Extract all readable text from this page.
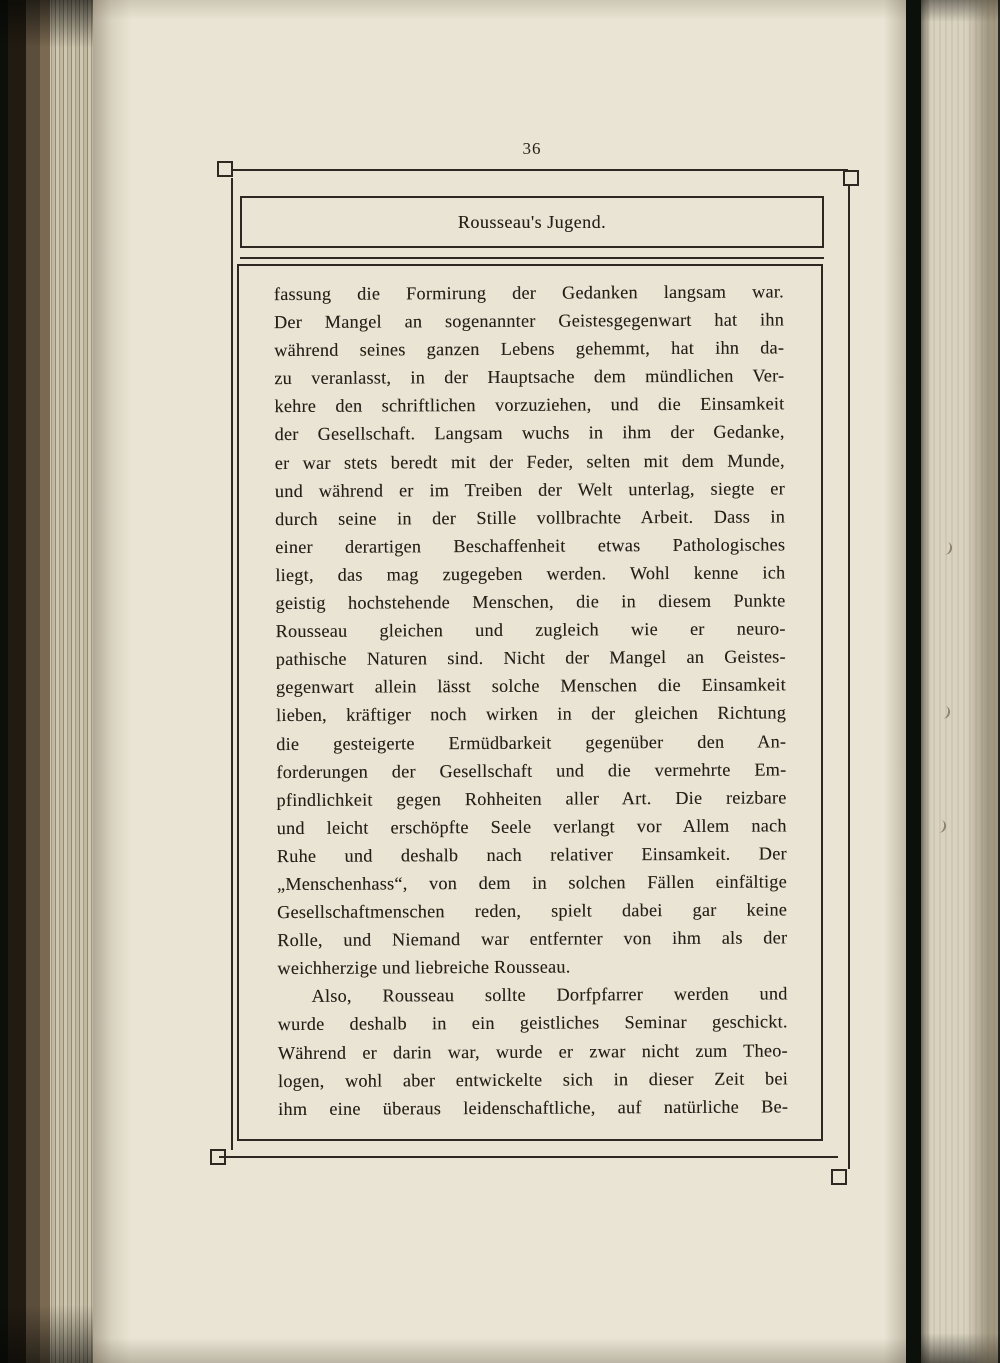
36
Rousseau's Jugend.
fassung die Formirung der Gedanken langsam war.
Der Mangel an sogenannter Geistesgegenwart hat ihn
während seines ganzen Lebens gehemmt, hat ihn da-
zu veranlasst, in der Hauptsache dem mündlichen Ver-
kehre den schriftlichen vorzuziehen, und die Einsamkeit
der Gesellschaft. Langsam wuchs in ihm der Gedanke,
er war stets beredt mit der Feder, selten mit dem Munde,
und während er im Treiben der Welt unterlag, siegte er
durch seine in der Stille vollbrachte Arbeit. Dass in
einer derartigen Beschaffenheit etwas Pathologisches
liegt, das mag zugegeben werden. Wohl kenne ich
geistig hochstehende Menschen, die in diesem Punkte
Rousseau gleichen und zugleich wie er neuro-
pathische Naturen sind. Nicht der Mangel an Geistes-
gegenwart allein lässt solche Menschen die Einsamkeit
lieben, kräftiger noch wirken in der gleichen Richtung
die gesteigerte Ermüdbarkeit gegenüber den An-
forderungen der Gesellschaft und die vermehrte Em-
pfindlichkeit gegen Rohheiten aller Art. Die reizbare
und leicht erschöpfte Seele verlangt vor Allem nach
Ruhe und deshalb nach relativer Einsamkeit. Der
„Menschenhass“, von dem in solchen Fällen einfältige
Gesellschaftmenschen reden, spielt dabei gar keine
Rolle, und Niemand war entfernter von ihm als der
weichherzige und liebreiche Rousseau.
Also, Rousseau sollte Dorfpfarrer werden und
wurde deshalb in ein geistliches Seminar geschickt.
Während er darin war, wurde er zwar nicht zum Theo-
logen, wohl aber entwickelte sich in dieser Zeit bei
ihm eine überaus leidenschaftliche, auf natürliche Be-
